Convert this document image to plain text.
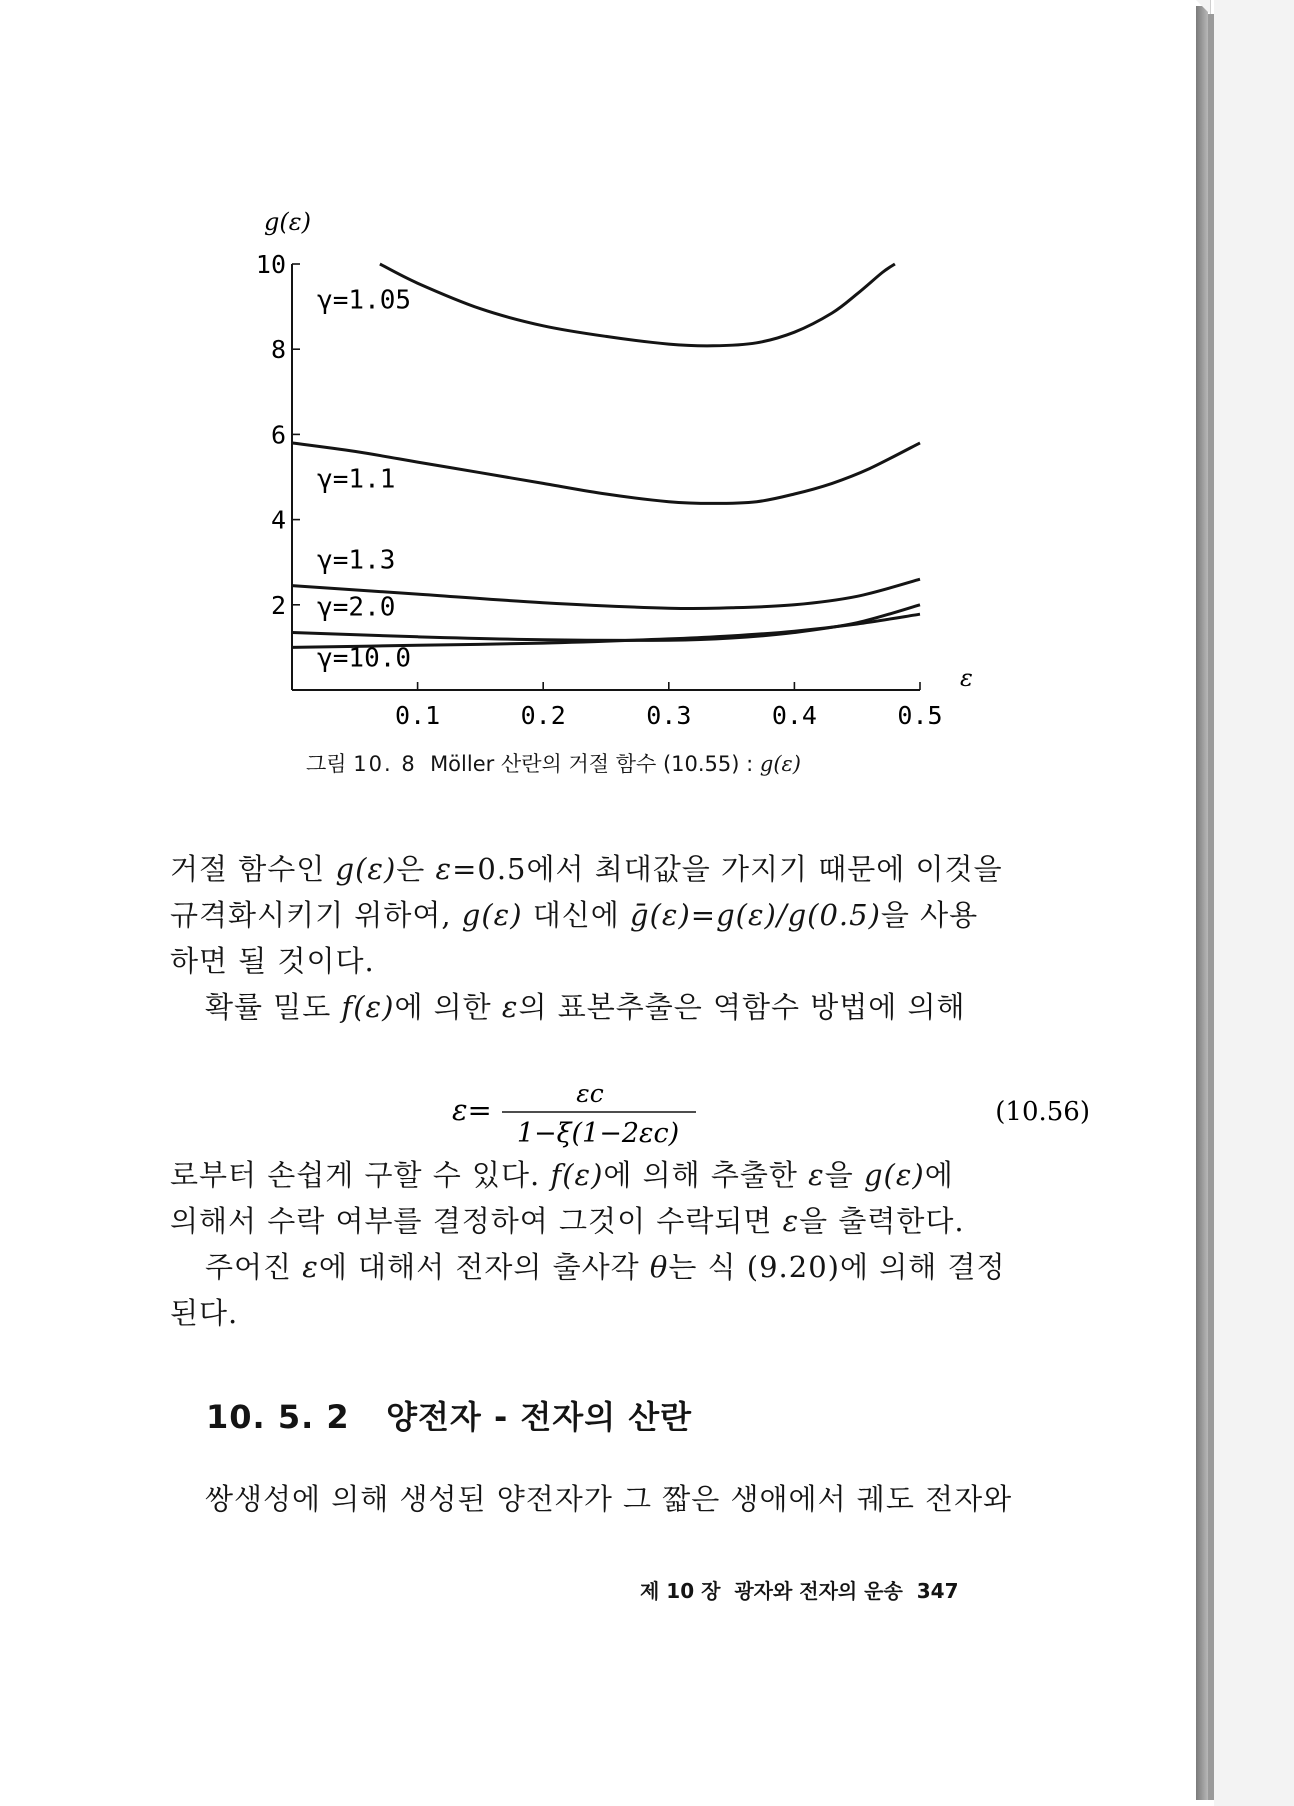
g(ε)
ε
0.1	0.2	0.3	0.4	0.5
2
4
6
8
10
γ=1.05
γ=1.1
γ=1.3
γ=2.0
γ=10.0
그림 10. 8 Möller 산란의 거절 함수 (10.55) : g(ε)
거절 함수인 g(ε)은 ε=0.5에서 최대값을 가지기 때문에 이것을
규격화시키기 위하여, g(ε) 대신에 ḡ(ε)=g(ε)/g(0.5)을 사용
하면 될 것이다.
확률 밀도 f(ε)에 의한 ε의 표본추출은 역함수 방법에 의해
ε=	εc
1−ξ(1−2εc)
(10.56)
로부터 손쉽게 구할 수 있다. f(ε)에 의해 추출한 ε을 g(ε)에
의해서 수락 여부를 결정하여 그것이 수락되면 ε을 출력한다.
주어진 ε에 대해서 전자의 출사각 θ는 식 (9.20)에 의해 결정
된다.
10. 5. 2 양전자 - 전자의 산란
쌍생성에 의해 생성된 양전자가 그 짧은 생애에서 궤도 전자와
제 10 장  광자와 전자의 운송 347
